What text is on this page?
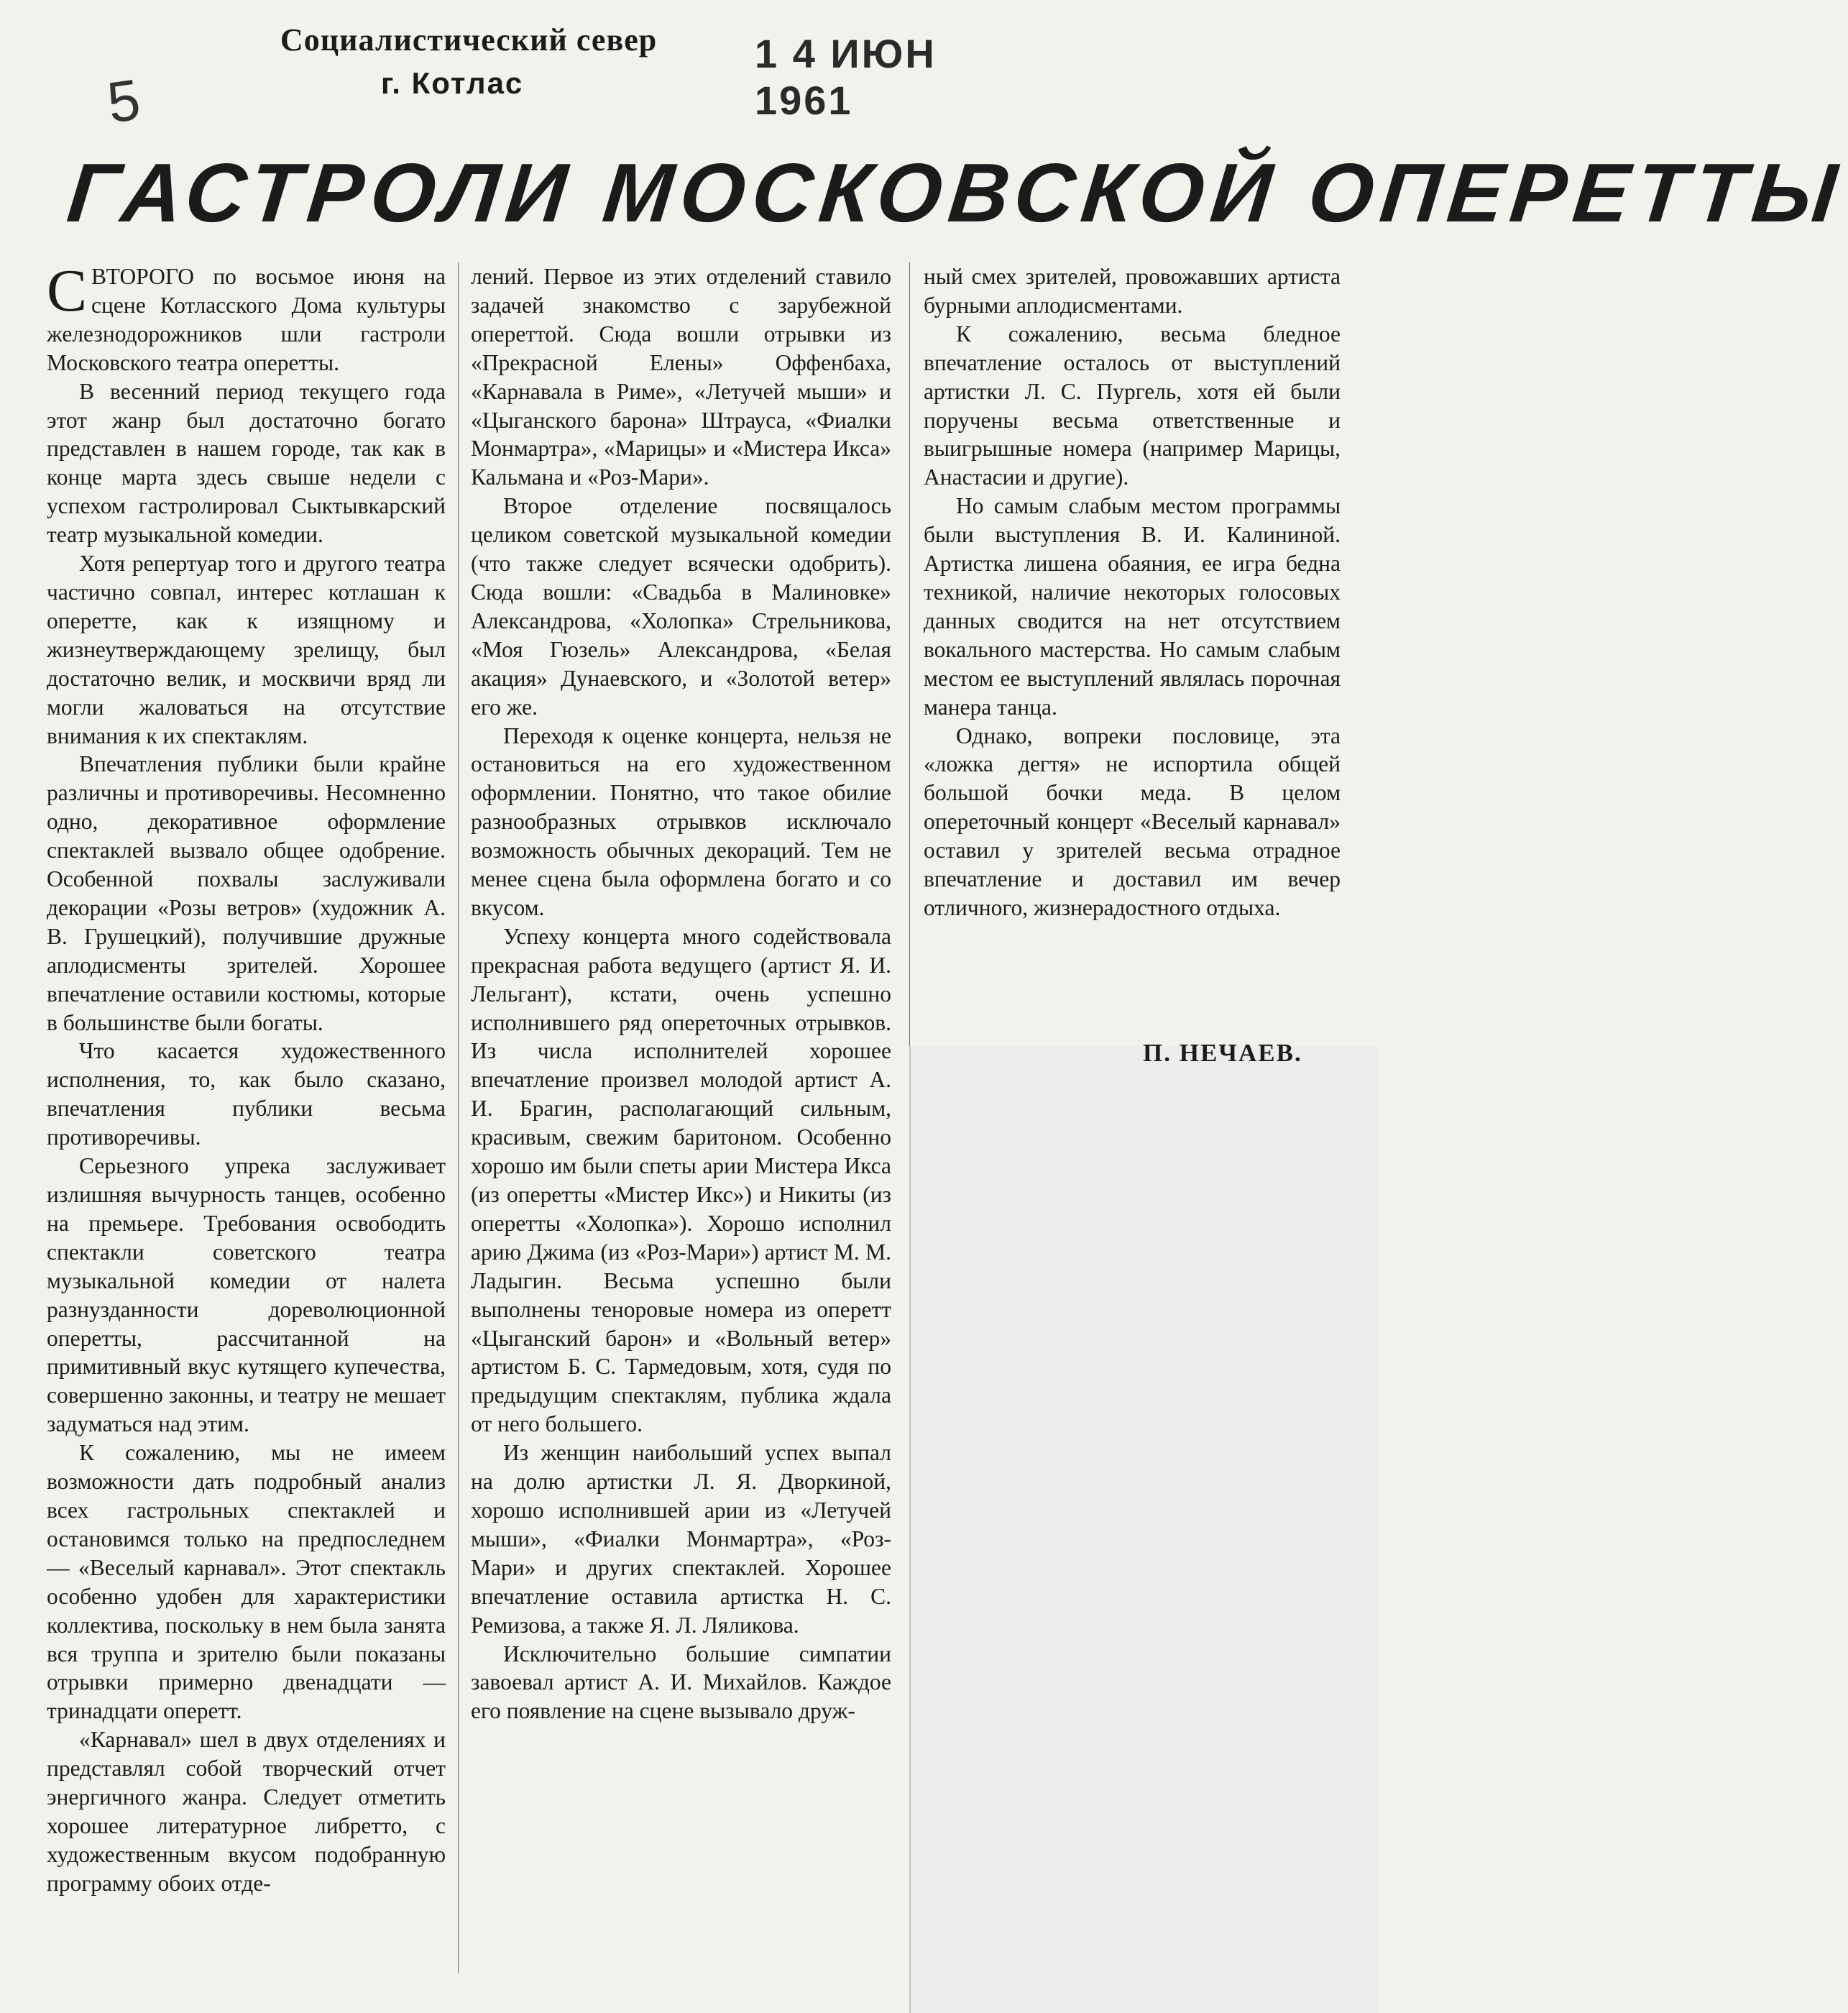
Социалистический север
г. Котлас
1 4 ИЮН 1961
5
ГАСТРОЛИ МОСКОВСКОЙ ОПЕРЕТТЫ

СВТОРОГО по восьмое июня на сцене Котласского Дома культуры железнодорожников шли гастроли Московского театра оперетты.

В весенний период текущего года этот жанр был достаточно богато представлен в нашем городе, так как в конце марта здесь свыше недели с успехом гастролировал Сыктывкарский театр музыкальной комедии.

Хотя репертуар того и другого театра частично совпал, интерес котлашан к оперетте, как к изящному и жизнеутверждающему зрелищу, был достаточно велик, и москвичи вряд ли могли жаловаться на отсутствие внимания к их спектаклям.

Впечатления публики были крайне различны и противоречивы. Несомненно одно, декоративное оформление спектаклей вызвало общее одобрение. Особенной похвалы заслуживали декорации «Розы ветров» (художник А. В. Грушецкий), получившие дружные аплодисменты зрителей. Хорошее впечатление оставили костюмы, которые в большинстве были богаты.

Что касается художественного исполнения, то, как было сказано, впечатления публики весьма противоречивы.

Серьезного упрека заслуживает излишняя вычурность танцев, особенно на премьере. Требования освободить спектакли советского театра музыкальной комедии от налета разнузданности дореволюционной оперетты, рассчитанной на примитивный вкус кутящего купечества, совершенно законны, и театру не мешает задуматься над этим.

К сожалению, мы не имеем возможности дать подробный анализ всех гастрольных спектаклей и остановимся только на предпоследнем — «Веселый карнавал». Этот спектакль особенно удобен для характеристики коллектива, поскольку в нем была занята вся труппа и зрителю были показаны отрывки примерно двенадцати — тринадцати оперетт.

«Карнавал» шел в двух отделениях и представлял собой творческий отчет энергичного жанра. Следует отметить хорошее литературное либретто, с художественным вкусом подобранную программу обоих отде-

лений. Первое из этих отделений ставило задачей знакомство с зарубежной опереттой. Сюда вошли отрывки из «Прекрасной Елены» Оффенбаха, «Карнавала в Риме», «Летучей мыши» и «Цыганского барона» Штрауса, «Фиалки Монмартра», «Марицы» и «Мистера Икса» Кальмана и «Роз-Мари».

Второе отделение посвящалось целиком советской музыкальной комедии (что также следует всячески одобрить). Сюда вошли: «Свадьба в Малиновке» Александрова, «Холопка» Стрельникова, «Моя Гюзель» Александрова, «Белая акация» Дунаевского, и «Золотой ветер» его же.

Переходя к оценке концерта, нельзя не остановиться на его художественном оформлении. Понятно, что такое обилие разнообразных отрывков исключало возможность обычных декораций. Тем не менее сцена была оформлена богато и со вкусом.

Успеху концерта много содействовала прекрасная работа ведущего (артист Я. И. Лельгант), кстати, очень успешно исполнившего ряд опереточных отрывков. Из числа исполнителей хорошее впечатление произвел молодой артист А. И. Брагин, располагающий сильным, красивым, свежим баритоном. Особенно хорошо им были спеты арии Мистера Икса (из оперетты «Мистер Икс») и Никиты (из оперетты «Холопка»). Хорошо исполнил арию Джима (из «Роз-Мари») артист М. М. Ладыгин. Весьма успешно были выполнены теноровые номера из оперетт «Цыганский барон» и «Вольный ветер» артистом Б. С. Тармедовым, хотя, судя по предыдущим спектаклям, публика ждала от него большего.

Из женщин наибольший успех выпал на долю артистки Л. Я. Дворкиной, хорошо исполнившей арии из «Летучей мыши», «Фиалки Монмартра», «Роз-Мари» и других спектаклей. Хорошее впечатление оставила артистка Н. С. Ремизова, а также Я. Л. Ляликова.

Исключительно большие симпатии завоевал артист А. И. Михайлов. Каждое его появление на сцене вызывало друж-

ный смех зрителей, провожавших артиста бурными аплодисментами.

К сожалению, весьма бледное впечатление осталось от выступлений артистки Л. С. Пургель, хотя ей были поручены весьма ответственные и выигрышные номера (например Марицы, Анастасии и другие).

Но самым слабым местом программы были выступления В. И. Калининой. Артистка лишена обаяния, ее игра бедна техникой, наличие некоторых голосовых данных сводится на нет отсутствием вокального мастерства. Но самым слабым местом ее выступлений являлась порочная манера танца.

Однако, вопреки пословице, эта «ложка дегтя» не испортила общей большой бочки меда. В целом опереточный концерт «Веселый карнавал» оставил у зрителей весьма отрадное впечатление и доставил им вечер отличного, жизнерадостного отдыха.

П. НЕЧАЕВ.
